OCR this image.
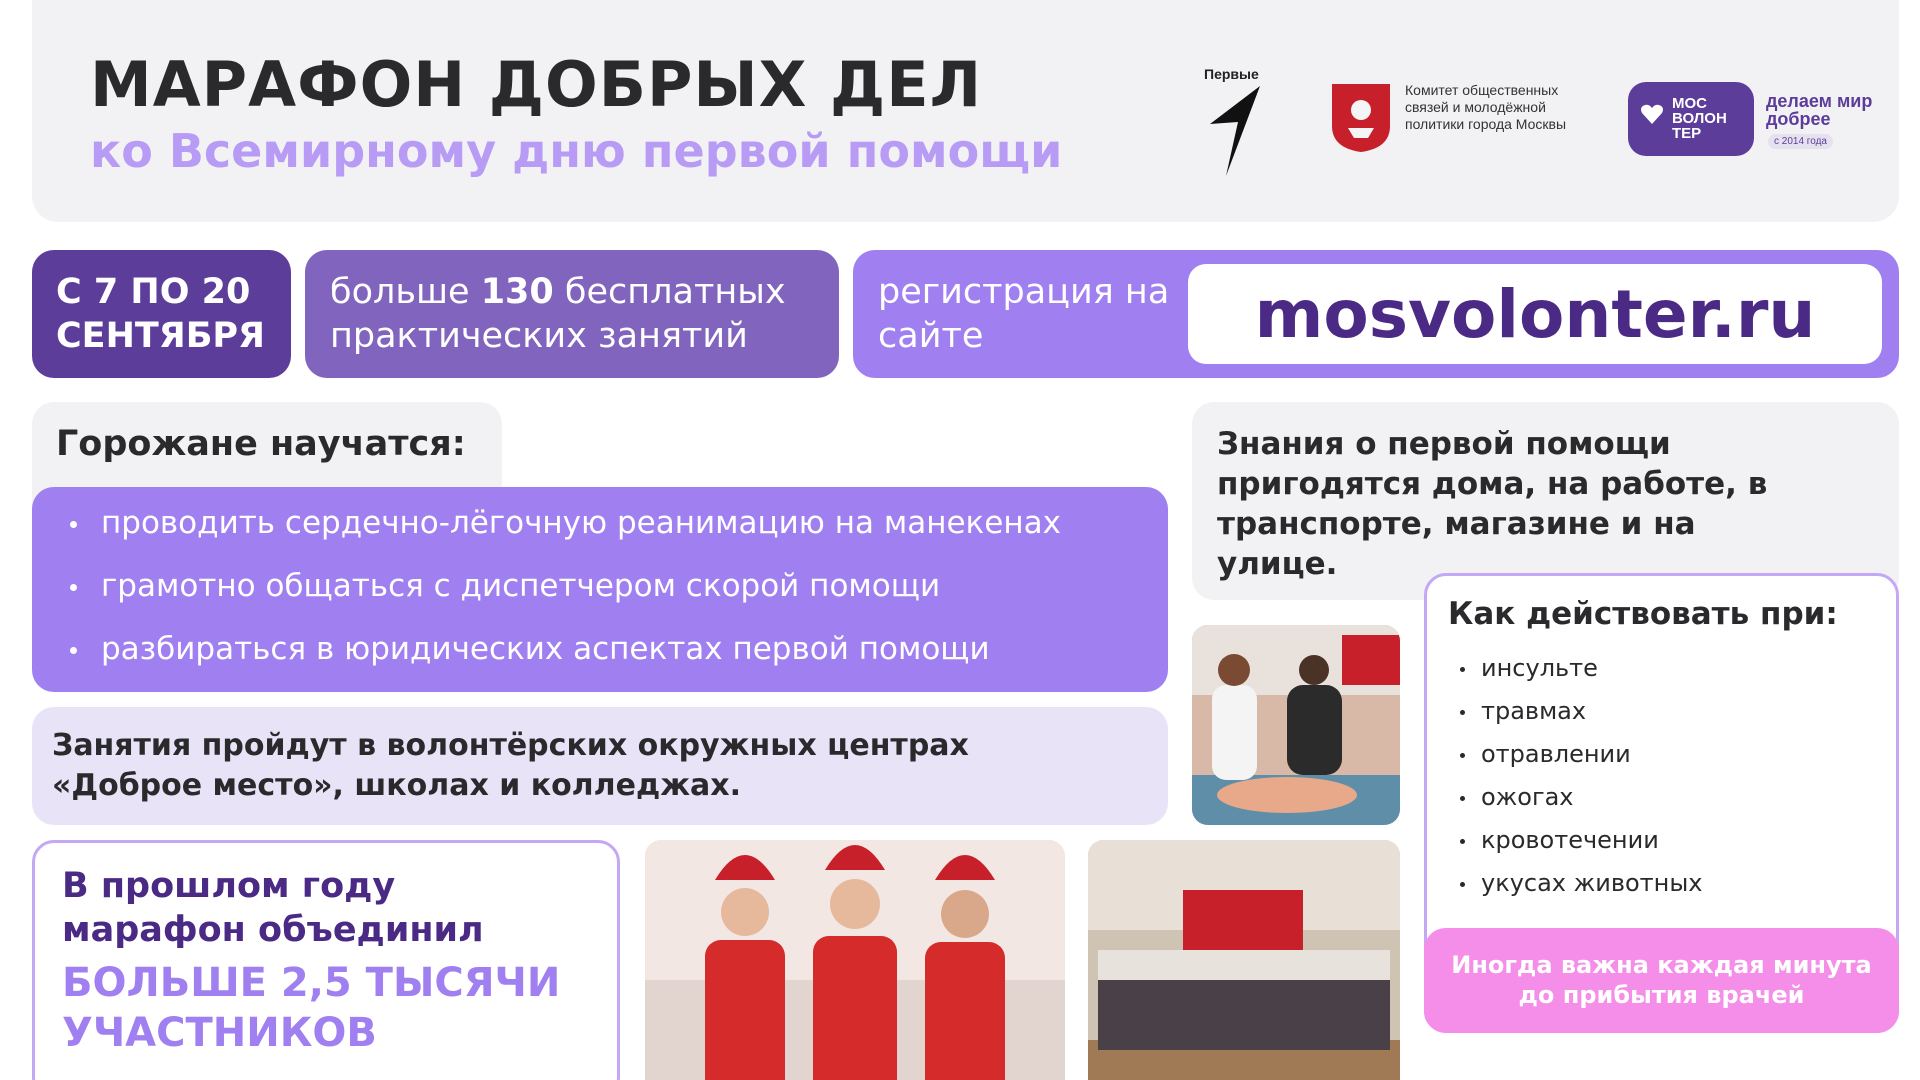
МАРАФОН ДОБРЫХ ДЕЛ
ко Всемирному дню первой помощи
Первые
Комитет общественных связей и молодёжной политики города Москвы
МОС ВОЛОН ТЕР
делаем мир добрее
с 2014 года
С 7 ПО 20 СЕНТЯБРЯ
больше 130 бесплатных практических занятий
регистрация на сайте	mosvolonter.ru
Горожане научатся:
проводить сердечно-лёгочную реанимацию на манекенах
грамотно общаться с диспетчером скорой помощи
разбираться в юридических аспектах первой помощи
Занятия пройдут в волонтёрских окружных центрах
«Доброе место», школах и колледжах.
В прошлом году
марафон объединил
БОЛЬШЕ 2,5 ТЫСЯЧИ УЧАСТНИКОВ
Знания о первой помощи пригодятся дома, на работе, в транспорте, магазине и на улице.
Как действовать при:
инсульте
травмах
отравлении
ожогах
кровотечении
укусах животных
Иногда важна каждая минута
до прибытия врачей
